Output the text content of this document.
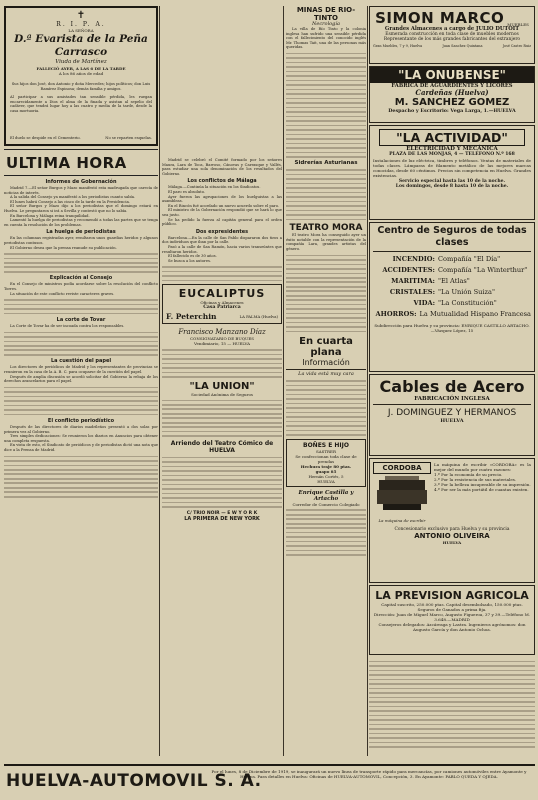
✝

R. I. P. A.

LA SEÑORA

D.ª Evarista de la Peña Carrasco

Viuda de Martínez

FALLECIÓ AYER, A LAS 6 DE LA TARDE

A los 86 años de edad

Sus hijos don José, don Antonio y doña Mercedes; hijos políticos; don Luis Ramírez Espinosa; demás familia y amigos.

Al participar a sus amistades tan sensible pérdida, les ruegan encarecidamente a Dios el alma de la finada y asistan al sepelio del cadáver, que tendrá lugar hoy a las cuatro y media de la tarde, desde la casa mortuoria.

El duelo se despide en el Cementerio.	No se reparten esquelas.
ULTIMA HORA

Informes de Gobernación

Madrid 7.—El señor Burgos y Mazo manifestó esta madrugada que carecía de noticias de interés.

A la salida del Consejo ya manifestó a los periodistas cuanto sabía.

El lunes habrá Consejo a las cinco de la tarde en la Presidencia.

El señor Burgos y Mazo dijo a los periodistas que el domingo estará en Huelva. Le preguntaron si irá a Sevilla y contestó que no lo sabía.

En Barcelona y Málaga reina tranquilidad.

Lamentó la huelga de periodistas y recomendó a todas las partes que se tenga en cuenta la resolución de los problemas.

La huelga de periodistas

En las columnas registradas ayer, resultaron unos guardias heridos y algunos periodistas contusos.

El Gobierno desea que la prensa reanude su publicación.

Explicación al Consejo

En el Consejo de ministros podía acordarse sobre la resolución del conflicto Torres.

La situación de este conflicto reviste caracteres graves.

La corte de Tovar

La Corte de Tovar ha de ser incoada contra los responsables.

La cuestión del papel

Los directores de periódicos de Madrid y los representantes de provincias se reunieron en la casa de la A. B. C. para ocuparse de la cuestión del papel.

Después de amplia discusión se acordó solicitar del Gobierno la rebaja de los derechos arancelarios para el papel.

El conflicto periodístico

Después de las directores de diarios madrileños presentó a dos solas por primera vez al Gobierno.

Tres simples dedicaciones: Se reunieron los diarios en Anuncios para obtener una completa respuesta.

En vista de esto, el Sindicato de periódicos y de periodistas dictó una nota que dice a la Prensa de Madrid.

Madrid se celebró el Comité formado por los señores Maura, Lara de Toca, Barroso, Cánovas y Carrasque y Vallés, para estudiar una sola denominación de los resultados del Gobierno.

Los conflictos de Málaga

Málaga.—Continúa la situación en los Sindicatos.

El paro es absoluto.

Ayer fueron las agrupaciones de los huelguistas a las asambleas.

En el Rincón fué acordado un nuevo acuerdo sobre el paro.

El ministro de la Gobernación respondió que se hará lo que sea justo.

Se ha pedido la fuerza al capitán general para el orden público.

Dos expresidentes

Barcelona.—En la calle de San Pablo dispararon dos tiros a dos individuos que iban por la calle.

Pasó a la calle de San Ramón, hacia varios transeúntes que resultaron heridos.

El fallecido es de 30 años.

Se busca a los autores.

EUCALIPTUS

Oficinas y Almacenes

Casa Patriarca

F. Peterchin	LA PALMA (Huelva)

Francisco Manzano Díaz

CONSIGNATARIO DE BUQUES

Vendimiario, 15 — HUELVA

"LA UNION"

Sociedad Anónima de Seguros

Arriendo del Teatro Cómico de HUELVA

C/ TRIO NOIR — E W Y O R K

LA PRIMERA DE NEW YORK

MINAS DE RIO-TINTO

Necrología

La villa de Río Tinto y la colonia inglesa han sufrido una sensible pérdida con el fallecimiento del conocido inglés Mr. Thomas Tait, una de las personas más queridas.

Sidrerías Asturianas

TEATRO MORA

El teatro Mora ha conseguido ayer un éxito notable con la representación de la compañía Lara, grandes artistas del género.

En cuarta plana

Información

La vida está muy cara

BOÑES E HIJO

SASTRER

Se confeccionan toda clase de prendas

Hechura traje 80 ptas.

guapo 85

Hernán Cortés, 5

HUELVA

Enrique Castilla y Artacho

Corredor de Comercio Colegiado

SIMON MARCO MUEBLES

Grandes Almacenes a cargo de JULIO DUTOIT

Esmerada construcción en toda clase de muebles modernos

Representante de los más grandes fabricantes del extranjero

Gran Muebles, 7 y 9, Huelva	Juan Sanchez Quintana	José Castro Ruiz
"LA ONUBENSE"

FÁBRICA DE AGUARDIENTES Y LICORES

Cardeñas (Huelva)

M. SANCHEZ GOMEZ

Despacho y Escritorio: Vega Larga, 1.—HUELVA

"LA ACTIVIDAD"

ELECTRICIDAD Y MECÁNICA

PLAZA DE LAS MONJAS, 4 — TELÉFONO N.º 168

Instalaciones de luz eléctrica, timbres y teléfonos. Ventas de materiales de todas clases. Lámparas de filamento metálico de las mejores marcas conocidas, desde 60 céntimos. Precios sin competencia en Huelva. Grandes existencias.

Servicio especial hasta las 10 de la noche.

Los domingos, desde 8 hasta 10 de la noche.

Centro de Seguros de todas clases

INCENDIO: Compañía "El Día"
ACCIDENTES: Compañía "La Winterthur"
MARITIMA: "El Atlas"
CRISTALES: "La Unión Suiza"
VIDA: "La Constitución"
AHORROS: La Mutualidad Hispano Francesa

Subdirección para Huelva y su provincia: ENRIQUE CASTILLO ARTACHO.—Vázquez López, 15

Cables de Acero

FABRICACIÓN INGLESA

J. DOMINGUEZ Y HERMANOS

HUELVA

CORDOBA

La máquina de escribir

La máquina de escribir «CORDOBA» es la mejor del mundo por cuatro razones:

1.º Por la economía de su precio.

2.º Por la resistencia de sus materiales.

3.º Por la belleza insuperable de su impresión.

4.º Por ser la más portátil de cuantas existen.

Concesionario exclusivo para Huelva y su provincia

ANTONIO OLIVEIRA

HUELVA

LA PREVISION AGRICOLA

Capital suscrito, 250.000 ptas. Capital desembolsado, 150.000 ptas. Seguros de Ganados a prima fija.

Dirección: Juan de Miguel Marco, Augusto Figueroa, 37 y 39.—Teléfono M. 3.648.—MADRID

Consejeros delegados: Azcárraga y Lastra. Ingenieros agrónomos: don Augusto García y don Antonio Ochoa.

HUELVA-AUTOMOVIL S. A.

Por el lunes, 8 de Diciembre de 1919, se inaugurará un nuevo línea de transporte rápido para mercancías, por camiones automóviles entre Ayamonte y Huelva. Para detalles en Huelva: Oficinas de HUELVA-AUTOMOVIL, Concepción, 3. En Ayamonte: PABLO QUEDA Y OJEDA.
